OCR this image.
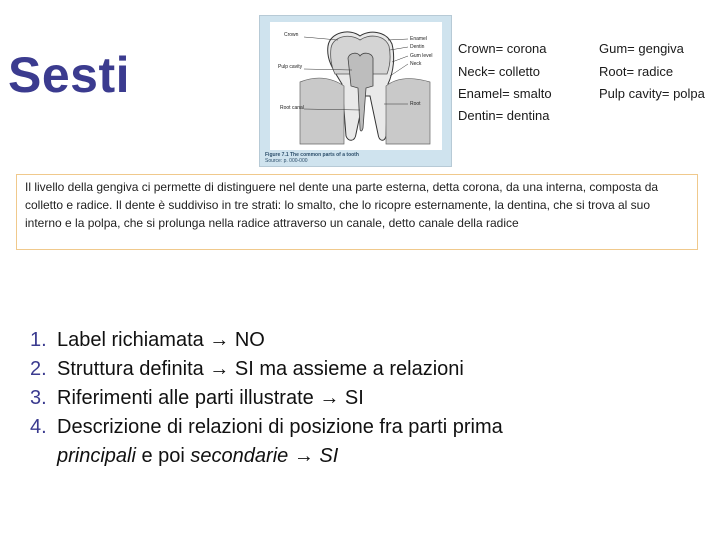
Sesti
Crown
Enamel
Dentin
Gum level
Neck
Pulp cavity
Root canal
Root
Figure 7.1 The common parts of a tooth
Source: p. 000-000
Crown= corona
Neck= colletto
Enamel= smalto
Dentin= dentina
Gum= gengiva
Root= radice
Pulp cavity= polpa
Il livello della gengiva ci permette di distinguere nel dente una parte esterna, detta corona, da una interna, composta da colletto e radice. Il dente è suddiviso in tre strati: lo smalto, che lo ricopre esternamente, la dentina, che si trova al suo interno e la polpa, che si prolunga nella radice attraverso un canale, detto canale della radice
1. Label richiamata → NO
2. Struttura definita → SI ma assieme a relazioni
3. Riferimenti alle parti illustrate → SI
4. Descrizione di relazioni di posizione fra parti prima
principali e poi secondarie → SI
